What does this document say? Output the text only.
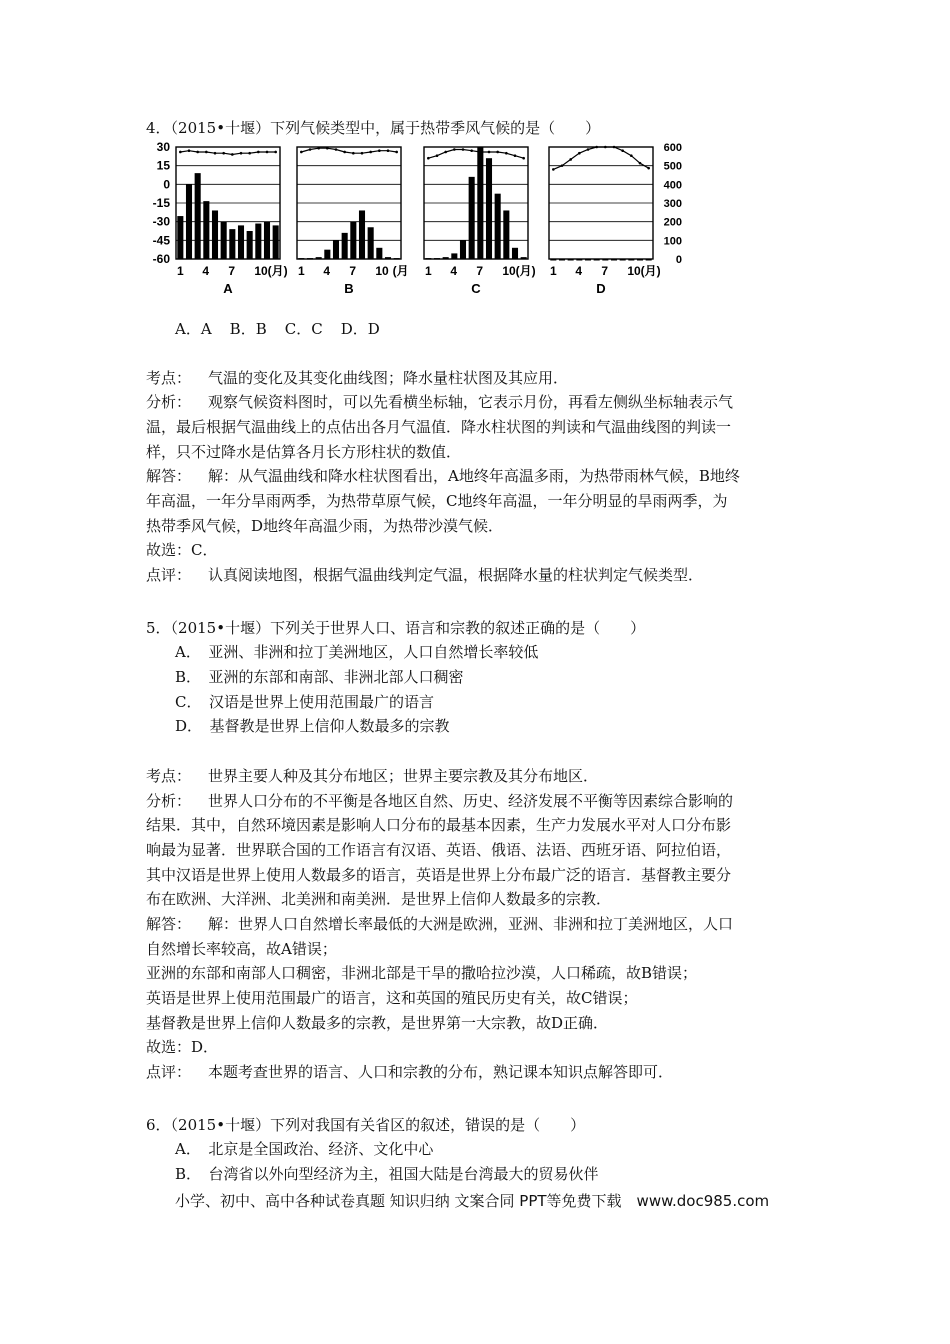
4．（2015•十堰）下列气候类型中，属于热带季风气候的是（　　）
30
15
0
-15
-30
-45
-60
600
500
400
300
200
100
0
1 4 7 10(月)
A
1 4 7 10 (月
B
1 4 7 10(月)
C
1 4 7 10(月)
D
A．A B．B C．C D．D
考点： 气温的变化及其变化曲线图；降水量柱状图及其应用．
分析： 观察气候资料图时，可以先看横坐标轴，它表示月份，再看左侧纵坐标轴表示气
温，最后根据气温曲线上的点估出各月气温值．降水柱状图的判读和气温曲线图的判读一
样，只不过降水是估算各月长方形柱状的数值．
解答： 解：从气温曲线和降水柱状图看出，A地终年高温多雨，为热带雨林气候，B地终
年高温，一年分旱雨两季，为热带草原气候，C地终年高温，一年分明显的旱雨两季，为
热带季风气候，D地终年高温少雨，为热带沙漠气候．
故选：C．
点评： 认真阅读地图，根据气温曲线判定气温，根据降水量的柱状判定气候类型．
5．（2015•十堰）下列关于世界人口、语言和宗教的叙述正确的是（　　）
A．　亚洲、非洲和拉丁美洲地区，人口自然增长率较低
B．　亚洲的东部和南部、非洲北部人口稠密
C．　汉语是世界上使用范围最广的语言
D．　基督教是世界上信仰人数最多的宗教
考点： 世界主要人种及其分布地区；世界主要宗教及其分布地区．
分析： 世界人口分布的不平衡是各地区自然、历史、经济发展不平衡等因素综合影响的
结果．其中，自然环境因素是影响人口分布的最基本因素，生产力发展水平对人口分布影
响最为显著．世界联合国的工作语言有汉语、英语、俄语、法语、西班牙语、阿拉伯语，
其中汉语是世界上使用人数最多的语言，英语是世界上分布最广泛的语言．基督教主要分
布在欧洲、大洋洲、北美洲和南美洲．是世界上信仰人数最多的宗教．
解答： 解：世界人口自然增长率最低的大洲是欧洲，亚洲、非洲和拉丁美洲地区，人口
自然增长率较高，故A错误；
亚洲的东部和南部人口稠密，非洲北部是干旱的撒哈拉沙漠，人口稀疏，故B错误；
英语是世界上使用范围最广的语言，这和英国的殖民历史有关，故C错误；
基督教是世界上信仰人数最多的宗教，是世界第一大宗教，故D正确．
故选：D．
点评： 本题考查世界的语言、人口和宗教的分布，熟记课本知识点解答即可．
6．（2015•十堰）下列对我国有关省区的叙述，错误的是（　　）
A．　北京是全国政治、经济、文化中心
B．　台湾省以外向型经济为主，祖国大陆是台湾最大的贸易伙伴
小学、初中、高中各种试卷真题 知识归纳 文案合同 PPT等免费下载　www.doc985.com
